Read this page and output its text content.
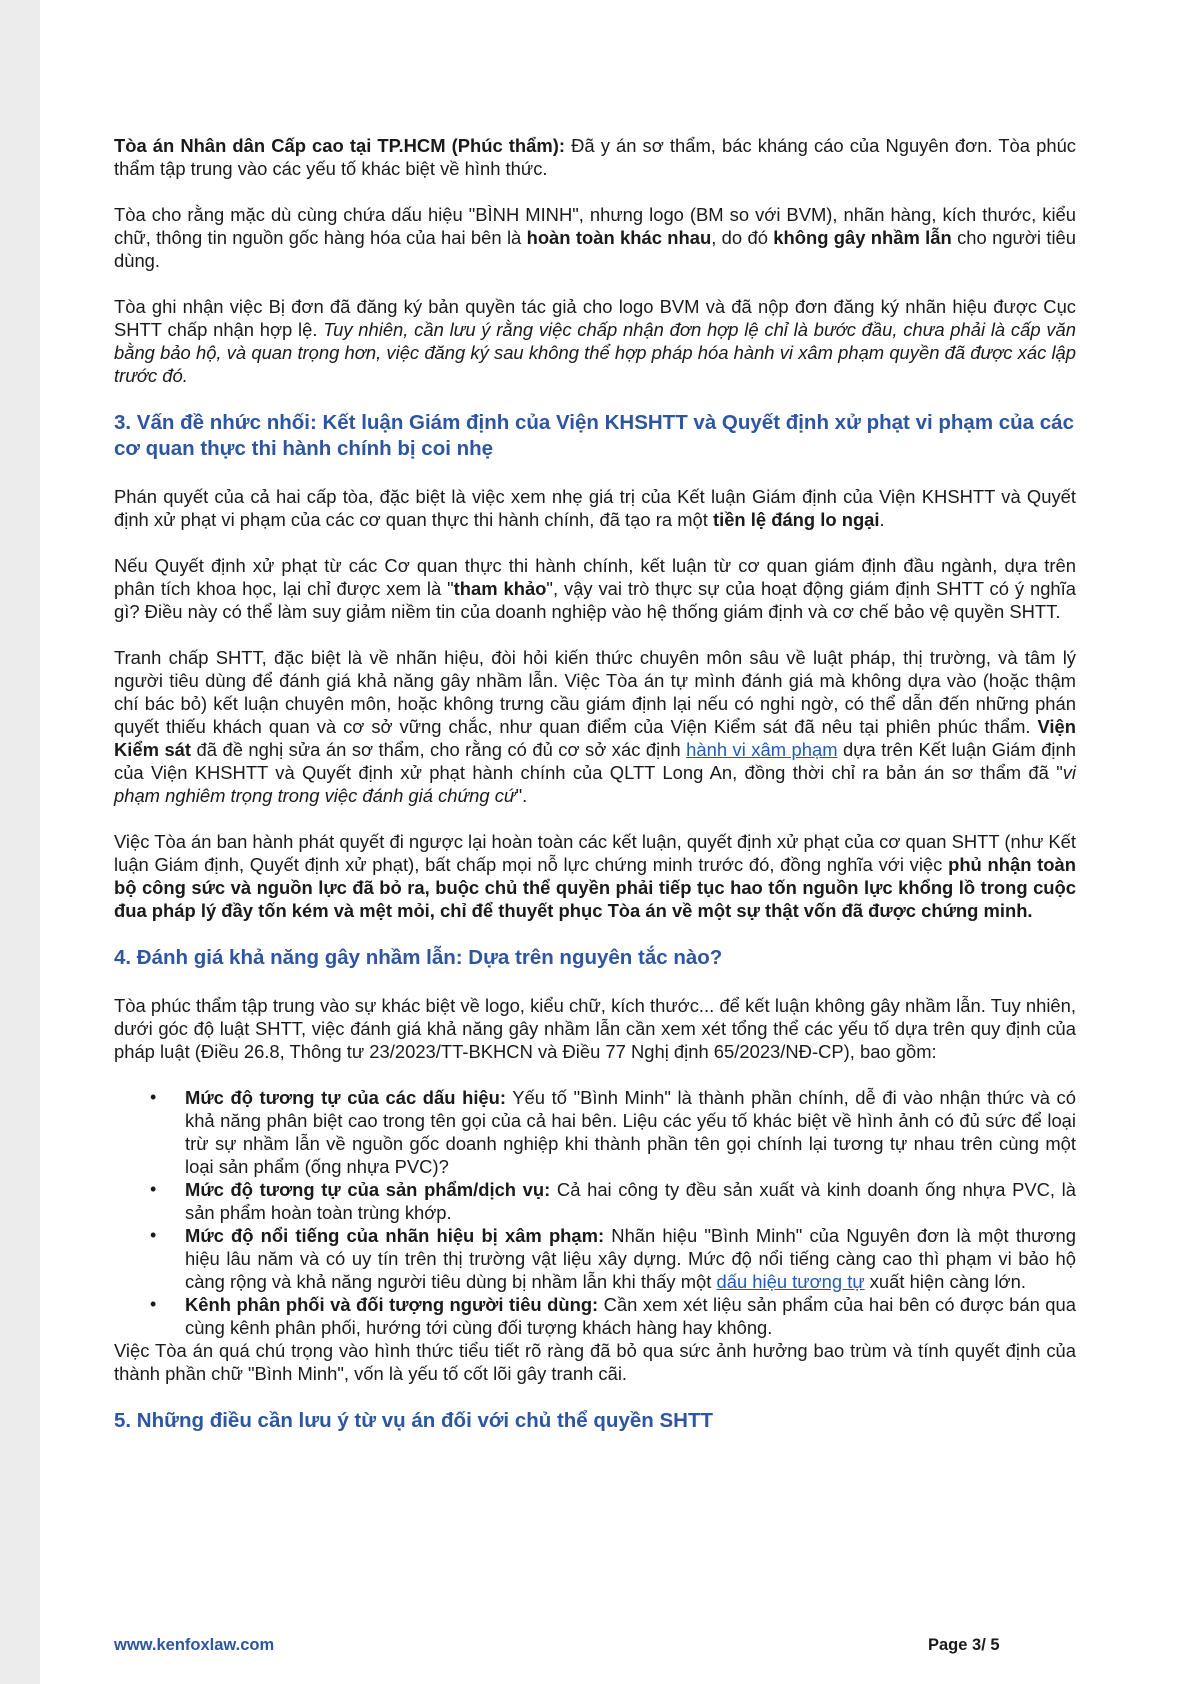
Tòa án Nhân dân Cấp cao tại TP.HCM (Phúc thẩm): Đã y án sơ thẩm, bác kháng cáo của Nguyên đơn. Tòa phúc thẩm tập trung vào các yếu tố khác biệt về hình thức.

Tòa cho rằng mặc dù cùng chứa dấu hiệu "BÌNH MINH", nhưng logo (BM so với BVM), nhãn hàng, kích thước, kiểu chữ, thông tin nguồn gốc hàng hóa của hai bên là hoàn toàn khác nhau, do đó không gây nhầm lẫn cho người tiêu dùng.

Tòa ghi nhận việc Bị đơn đã đăng ký bản quyền tác giả cho logo BVM và đã nộp đơn đăng ký nhãn hiệu được Cục SHTT chấp nhận hợp lệ. Tuy nhiên, cần lưu ý rằng việc chấp nhận đơn hợp lệ chỉ là bước đầu, chưa phải là cấp văn bằng bảo hộ, và quan trọng hơn, việc đăng ký sau không thể hợp pháp hóa hành vi xâm phạm quyền đã được xác lập trước đó.

3. Vấn đề nhức nhối: Kết luận Giám định của Viện KHSHTT và Quyết định xử phạt vi phạm của các cơ quan thực thi hành chính bị coi nhẹ

Phán quyết của cả hai cấp tòa, đặc biệt là việc xem nhẹ giá trị của Kết luận Giám định của Viện KHSHTT và Quyết định xử phạt vi phạm của các cơ quan thực thi hành chính, đã tạo ra một tiền lệ đáng lo ngại.

Nếu Quyết định xử phạt từ các Cơ quan thực thi hành chính, kết luận từ cơ quan giám định đầu ngành, dựa trên phân tích khoa học, lại chỉ được xem là "tham khảo", vậy vai trò thực sự của hoạt động giám định SHTT có ý nghĩa gì? Điều này có thể làm suy giảm niềm tin của doanh nghiệp vào hệ thống giám định và cơ chế bảo vệ quyền SHTT.

Tranh chấp SHTT, đặc biệt là về nhãn hiệu, đòi hỏi kiến thức chuyên môn sâu về luật pháp, thị trường, và tâm lý người tiêu dùng để đánh giá khả năng gây nhầm lẫn. Việc Tòa án tự mình đánh giá mà không dựa vào (hoặc thậm chí bác bỏ) kết luận chuyên môn, hoặc không trưng cầu giám định lại nếu có nghi ngờ, có thể dẫn đến những phán quyết thiếu khách quan và cơ sở vững chắc, như quan điểm của Viện Kiểm sát đã nêu tại phiên phúc thẩm. Viện Kiểm sát đã đề nghị sửa án sơ thẩm, cho rằng có đủ cơ sở xác định hành vi xâm phạm dựa trên Kết luận Giám định của Viện KHSHTT và Quyết định xử phạt hành chính của QLTT Long An, đồng thời chỉ ra bản án sơ thẩm đã "vi phạm nghiêm trọng trong việc đánh giá chứng cứ".

Việc Tòa án ban hành phát quyết đi ngược lại hoàn toàn các kết luận, quyết định xử phạt của cơ quan SHTT (như Kết luận Giám định, Quyết định xử phạt), bất chấp mọi nỗ lực chứng minh trước đó, đồng nghĩa với việc phủ nhận toàn bộ công sức và nguồn lực đã bỏ ra, buộc chủ thể quyền phải tiếp tục hao tốn nguồn lực khổng lồ trong cuộc đua pháp lý đầy tốn kém và mệt mỏi, chỉ để thuyết phục Tòa án về một sự thật vốn đã được chứng minh.

4. Đánh giá khả năng gây nhầm lẫn: Dựa trên nguyên tắc nào?

Tòa phúc thẩm tập trung vào sự khác biệt về logo, kiểu chữ, kích thước... để kết luận không gây nhầm lẫn. Tuy nhiên, dưới góc độ luật SHTT, việc đánh giá khả năng gây nhầm lẫn cần xem xét tổng thể các yếu tố dựa trên quy định của pháp luật (Điều 26.8, Thông tư 23/2023/TT-BKHCN và Điều 77 Nghị định 65/2023/NĐ-CP), bao gồm:

• Mức độ tương tự của các dấu hiệu: Yếu tố "Bình Minh" là thành phần chính, dễ đi vào nhận thức và có khả năng phân biệt cao trong tên gọi của cả hai bên. Liệu các yếu tố khác biệt về hình ảnh có đủ sức để loại trừ sự nhầm lẫn về nguồn gốc doanh nghiệp khi thành phần tên gọi chính lại tương tự nhau trên cùng một loại sản phẩm (ống nhựa PVC)?
• Mức độ tương tự của sản phẩm/dịch vụ: Cả hai công ty đều sản xuất và kinh doanh ống nhựa PVC, là sản phẩm hoàn toàn trùng khớp.
• Mức độ nổi tiếng của nhãn hiệu bị xâm phạm: Nhãn hiệu "Bình Minh" của Nguyên đơn là một thương hiệu lâu năm và có uy tín trên thị trường vật liệu xây dựng. Mức độ nổi tiếng càng cao thì phạm vi bảo hộ càng rộng và khả năng người tiêu dùng bị nhầm lẫn khi thấy một dấu hiệu tương tự xuất hiện càng lớn.
• Kênh phân phối và đối tượng người tiêu dùng: Cần xem xét liệu sản phẩm của hai bên có được bán qua cùng kênh phân phối, hướng tới cùng đối tượng khách hàng hay không.

Việc Tòa án quá chú trọng vào hình thức tiểu tiết rõ ràng đã bỏ qua sức ảnh hưởng bao trùm và tính quyết định của thành phần chữ "Bình Minh", vốn là yếu tố cốt lõi gây tranh cãi.

5. Những điều cần lưu ý từ vụ án đối với chủ thể quyền SHTT
www.kenfoxlaw.com	Page 3/ 5
